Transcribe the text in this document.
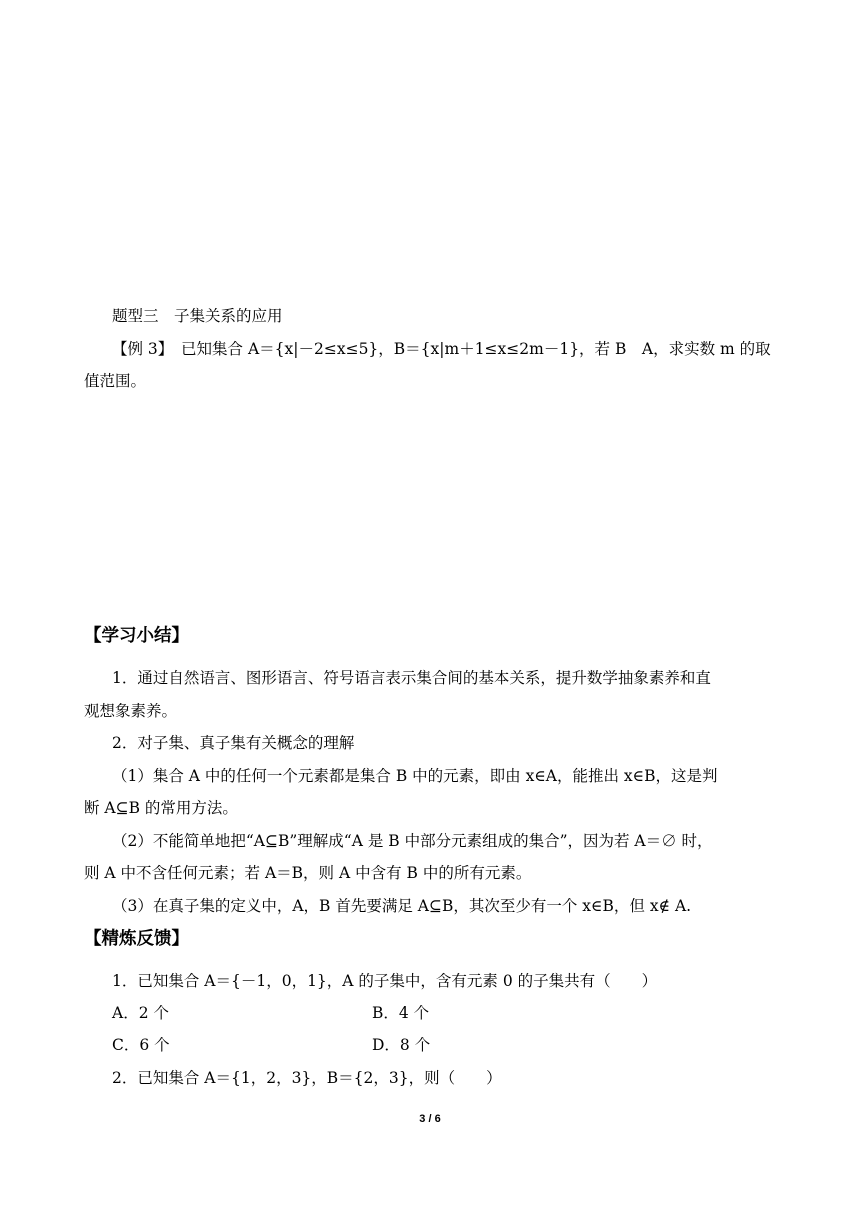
题型三　子集关系的应用
【例 3】　已知集合 A＝{x|－2≤x≤5}，B＝{x|m＋1≤x≤2m－1}，若 B　A，求实数 m 的取
值范围。
【学习小结】
1．通过自然语言、图形语言、符号语言表示集合间的基本关系，提升数学抽象素养和直
观想象素养。
2．对子集、真子集有关概念的理解
（1）集合 A 中的任何一个元素都是集合 B 中的元素，即由 x∈A，能推出 x∈B，这是判
断 A⊆B 的常用方法。
（2）不能简单地把“A⊆B”理解成“A 是 B 中部分元素组成的集合”，因为若 A＝∅ 时，
则 A 中不含任何元素；若 A＝B，则 A 中含有 B 中的所有元素。
（3）在真子集的定义中，A，B 首先要满足 A⊆B，其次至少有一个 x∈B，但 x∉ A.
【精炼反馈】
1．已知集合 A＝{－1，0，1}，A 的子集中，含有元素 0 的子集共有（　　）
A．2 个	B．4 个
C．6 个	D．8 个
2．已知集合 A＝{1，2，3}，B＝{2，3}，则（　　）
3 / 6
